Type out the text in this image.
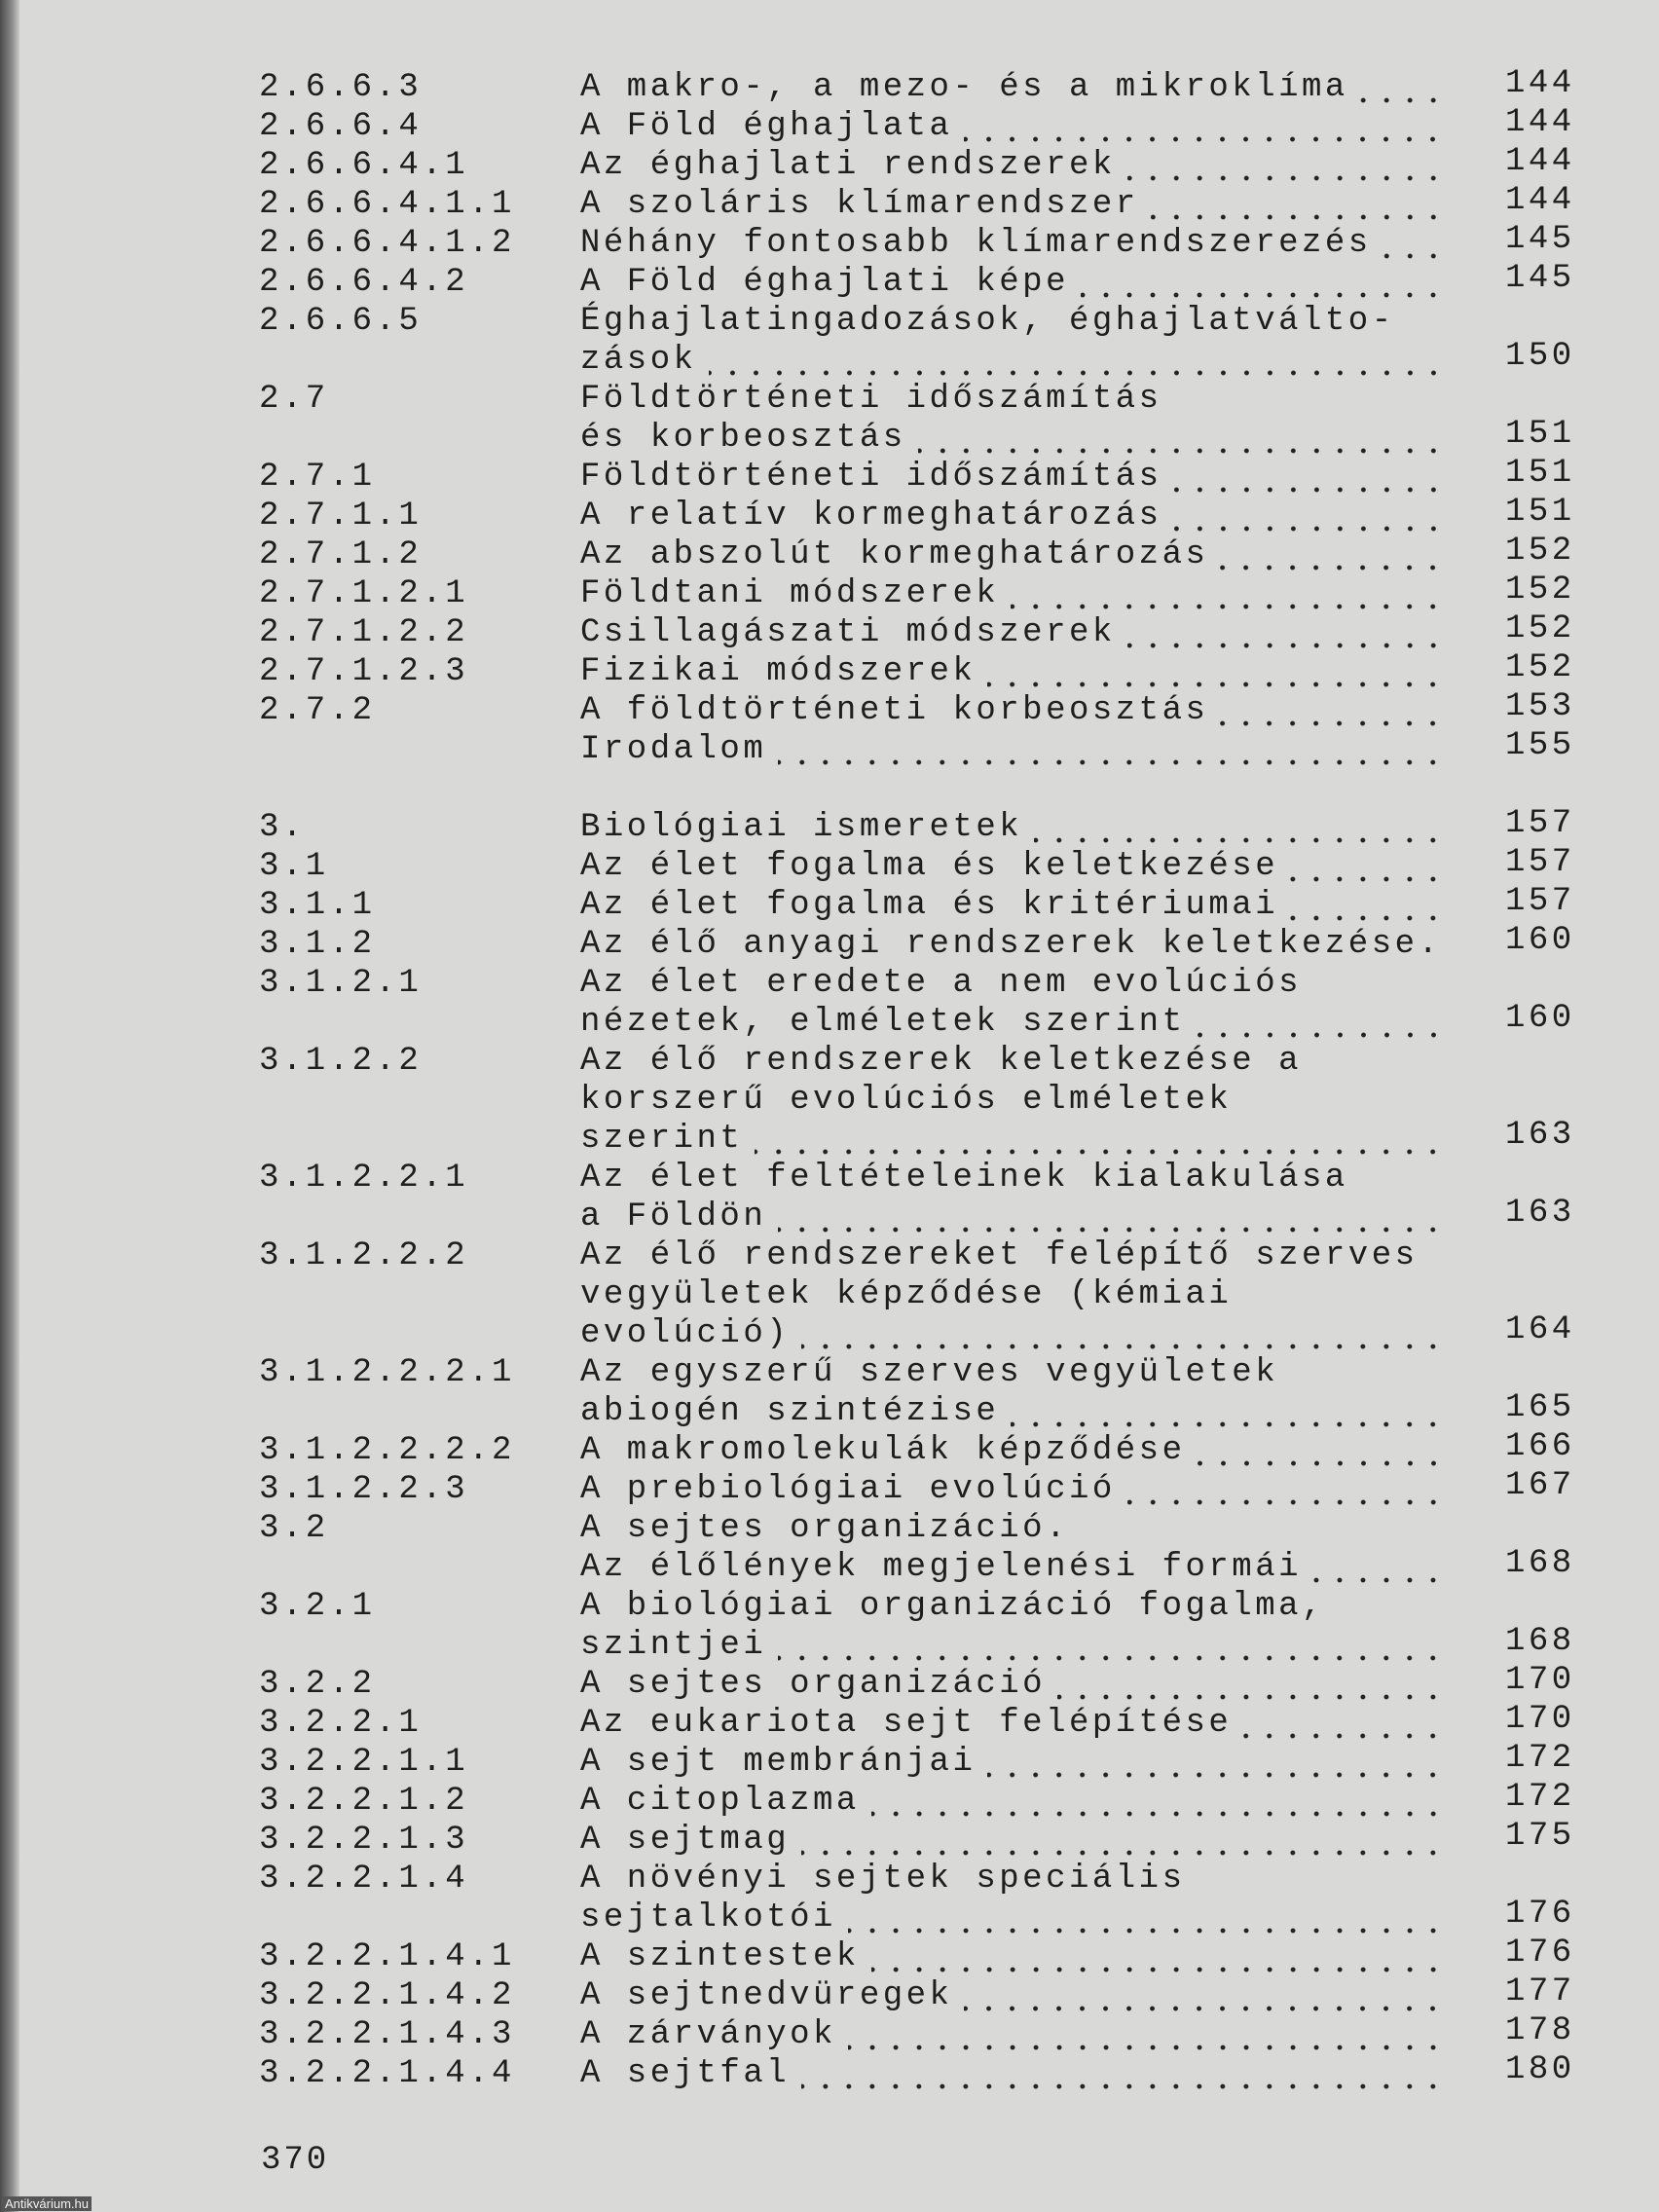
2.6.6.3	A makro-, a mezo- és a mikroklíma	144
2.6.6.4	A Föld éghajlata	144
2.6.6.4.1	Az éghajlati rendszerek	144
2.6.6.4.1.1 A szoláris klímarendszer	144
2.6.6.4.1.2 Néhány fontosabb klímarendszerezés	145
2.6.6.4.2	A Föld éghajlati képe	145
2.6.6.5	Éghajlatingadozások, éghajlatválto-
zások	150
2.7	Földtörténeti időszámítás
és korbeosztás	151
2.7.1	Földtörténeti időszámítás	151
2.7.1.1	A relatív kormeghatározás	151
2.7.1.2	Az abszolút kormeghatározás	152
2.7.1.2.1	Földtani módszerek	152
2.7.1.2.2	Csillagászati módszerek	152
2.7.1.2.3	Fizikai módszerek	152
2.7.2	A földtörténeti korbeosztás	153
Irodalom	155
3.	Biológiai ismeretek	157
3.1	Az élet fogalma és keletkezése	157
3.1.1	Az élet fogalma és kritériumai	157
3.1.2	Az élő anyagi rendszerek keletkezése. 160
3.1.2.1	Az élet eredete a nem evolúciós
nézetek, elméletek szerint	160
3.1.2.2	Az élő rendszerek keletkezése a
korszerű evolúciós elméletek
szerint	163
3.1.2.2.1	Az élet feltételeinek kialakulása
a Földön	163
3.1.2.2.2	Az élő rendszereket felépítő szerves
vegyületek képződése (kémiai
evolúció)	164
3.1.2.2.2.1 Az egyszerű szerves vegyületek
abiogén szintézise	165
3.1.2.2.2.2 A makromolekulák képződése	166
3.1.2.2.3	A prebiológiai evolúció	167
3.2	A sejtes organizáció.
Az élőlények megjelenési formái	168
3.2.1	A biológiai organizáció fogalma,
szintjei	168
3.2.2	A sejtes organizáció	170
3.2.2.1	Az eukariota sejt felépítése	170
3.2.2.1.1	A sejt membránjai	172
3.2.2.1.2	A citoplazma	172
3.2.2.1.3	A sejtmag	175
3.2.2.1.4	A növényi sejtek speciális
sejtalkotói	176
3.2.2.1.4.1 A szintestek	176
3.2.2.1.4.2 A sejtnedvüregek	177
3.2.2.1.4.3 A zárványok	178
3.2.2.1.4.4 A sejtfal	180
370
Antikvárium.hu
